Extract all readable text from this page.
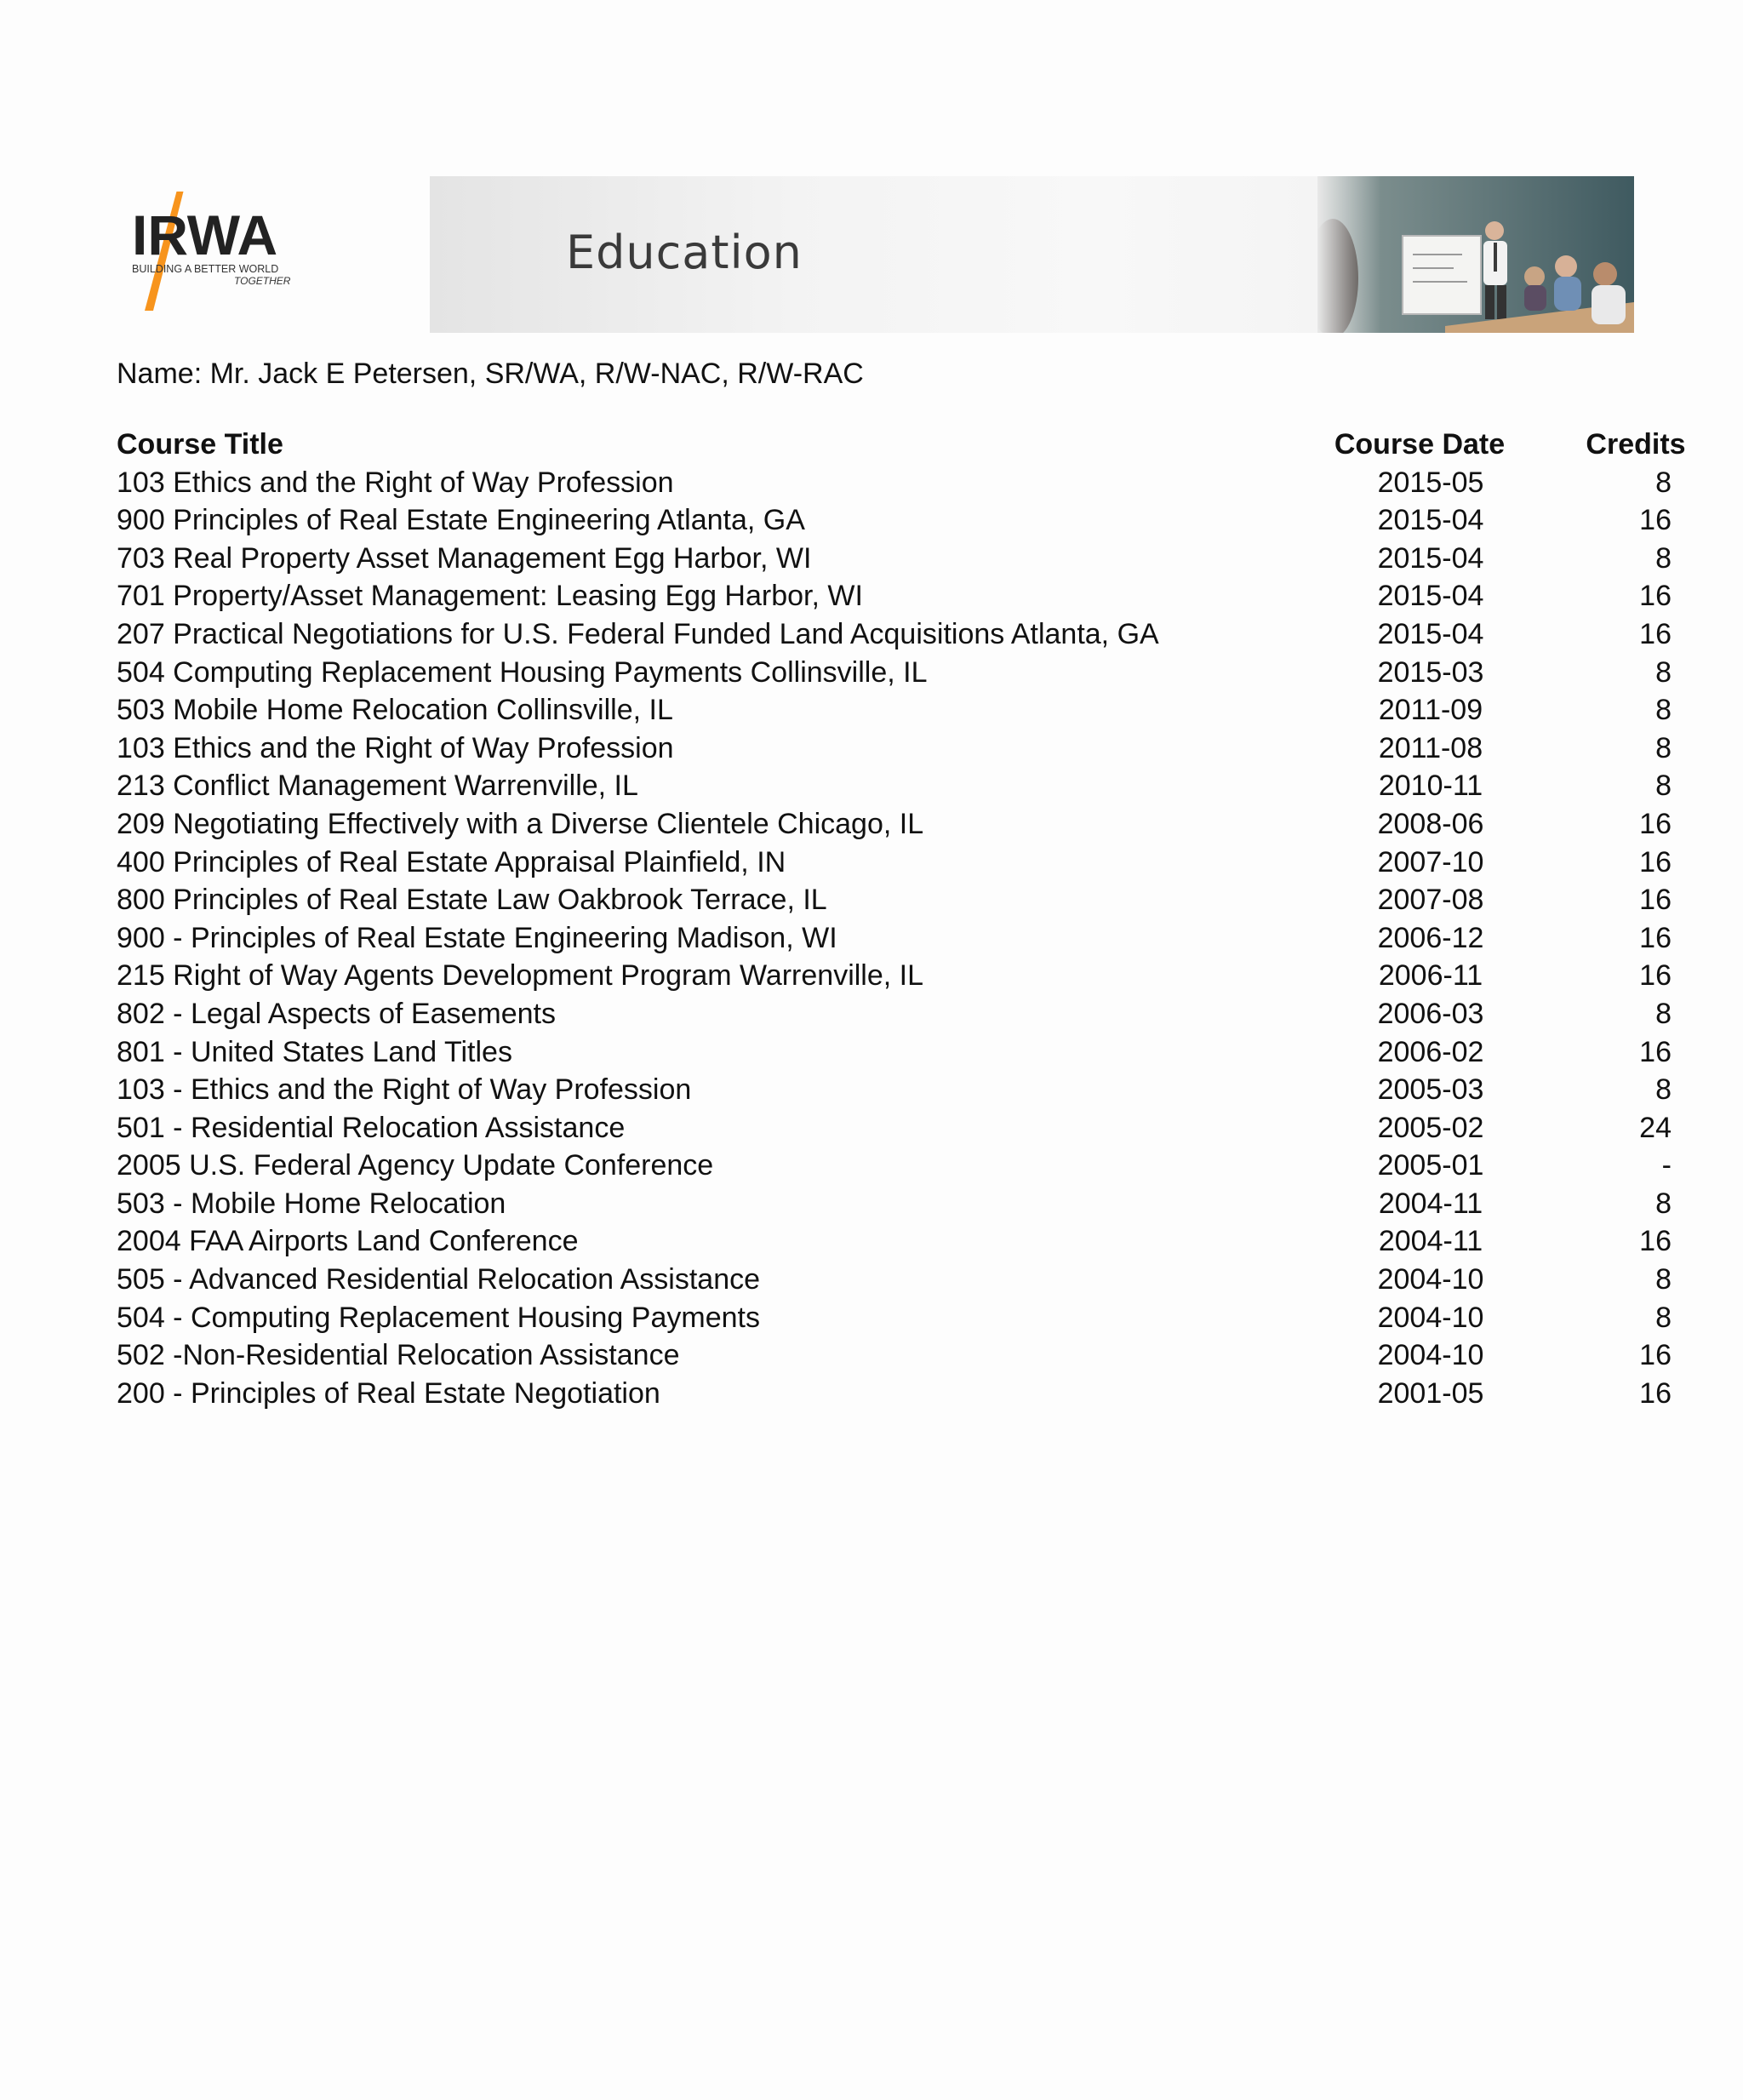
IRWA
BUILDING A BETTER WORLD
TOGETHER
Education
Name: Mr. Jack E Petersen, SR/WA, R/W-NAC, R/W-RAC
Course Title	Course Date	Credits
103 Ethics and the Right of Way Profession	2015-05	8
900 Principles of Real Estate Engineering Atlanta, GA	2015-04	16
703 Real Property Asset Management Egg Harbor, WI	2015-04	8
701 Property/Asset Management: Leasing Egg Harbor, WI	2015-04	16
207 Practical Negotiations for U.S. Federal Funded Land Acquisitions Atlanta, GA	2015-04	16
504 Computing Replacement Housing Payments Collinsville, IL	2015-03	8
503 Mobile Home Relocation Collinsville, IL	2011-09	8
103 Ethics and the Right of Way Profession	2011-08	8
213 Conflict Management Warrenville, IL	2010-11	8
209 Negotiating Effectively with a Diverse Clientele Chicago, IL	2008-06	16
400 Principles of Real Estate Appraisal Plainfield, IN	2007-10	16
800 Principles of Real Estate Law Oakbrook Terrace, IL	2007-08	16
900 - Principles of Real Estate Engineering Madison, WI	2006-12	16
215 Right of Way Agents Development Program Warrenville, IL	2006-11	16
802 - Legal Aspects of Easements	2006-03	8
801 - United States Land Titles	2006-02	16
103 - Ethics and the Right of Way Profession	2005-03	8
501 - Residential Relocation Assistance	2005-02	24
2005 U.S. Federal Agency Update Conference	2005-01	-
503 - Mobile Home Relocation	2004-11	8
2004 FAA Airports Land Conference	2004-11	16
505 - Advanced Residential Relocation Assistance	2004-10	8
504 - Computing Replacement Housing Payments	2004-10	8
502 -Non-Residential Relocation Assistance	2004-10	16
200 - Principles of Real Estate Negotiation	2001-05	16
